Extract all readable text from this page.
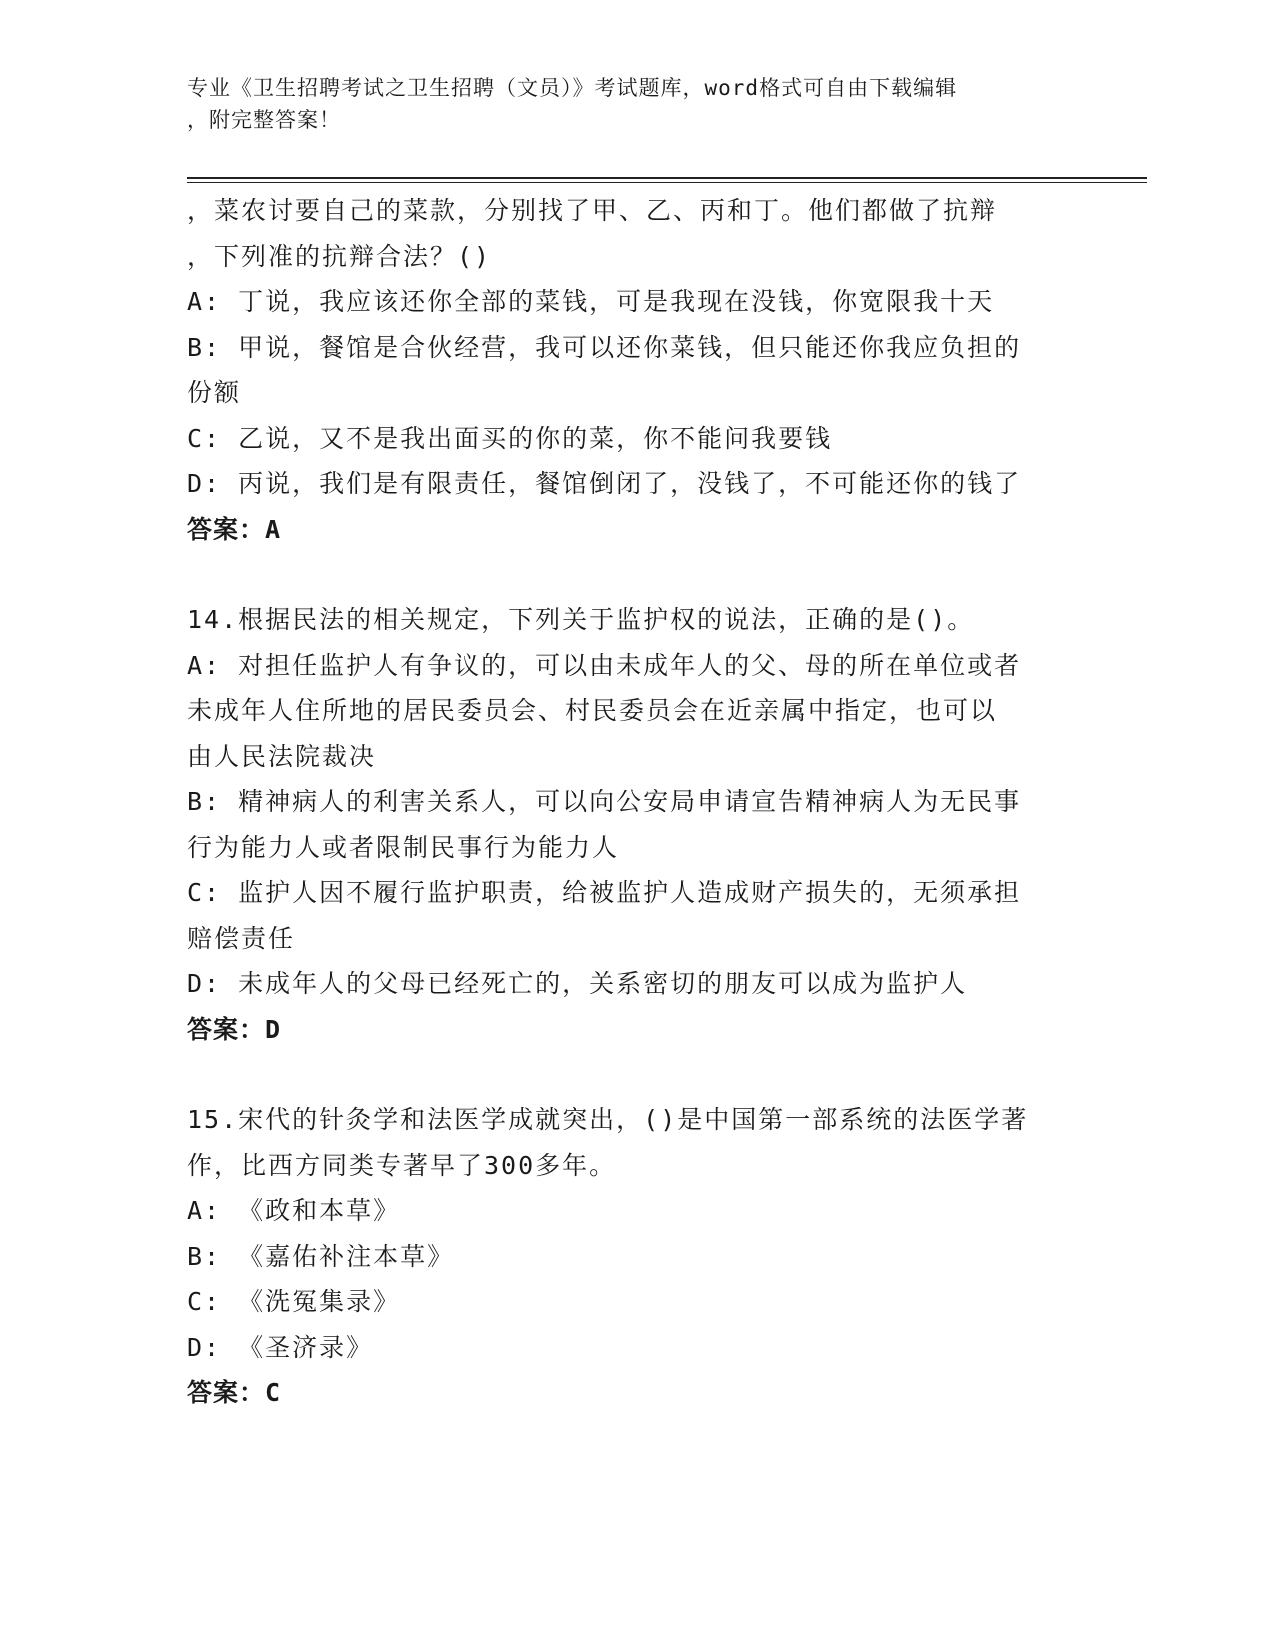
专业《卫生招聘考试之卫生招聘（文员）》考试题库，word格式可自由下载编辑
，附完整答案！
，菜农讨要自己的菜款，分别找了甲、乙、丙和丁。他们都做了抗辩
，下列准的抗辩合法？()
A: 丁说，我应该还你全部的菜钱，可是我现在没钱，你宽限我十天
B: 甲说，餐馆是合伙经营，我可以还你菜钱，但只能还你我应负担的
份额
C: 乙说，又不是我出面买的你的菜，你不能问我要钱
D: 丙说，我们是有限责任，餐馆倒闭了，没钱了，不可能还你的钱了
答案：A
14.根据民法的相关规定，下列关于监护权的说法，正确的是()。
A: 对担任监护人有争议的，可以由未成年人的父、母的所在单位或者
未成年人住所地的居民委员会、村民委员会在近亲属中指定，也可以
由人民法院裁决
B: 精神病人的利害关系人，可以向公安局申请宣告精神病人为无民事
行为能力人或者限制民事行为能力人
C: 监护人因不履行监护职责，给被监护人造成财产损失的，无须承担
赔偿责任
D: 未成年人的父母已经死亡的，关系密切的朋友可以成为监护人
答案：D
15.宋代的针灸学和法医学成就突出，()是中国第一部系统的法医学著
作，比西方同类专著早了300多年。
A: 《政和本草》
B: 《嘉佑补注本草》
C: 《洗冤集录》
D: 《圣济录》
答案：C
